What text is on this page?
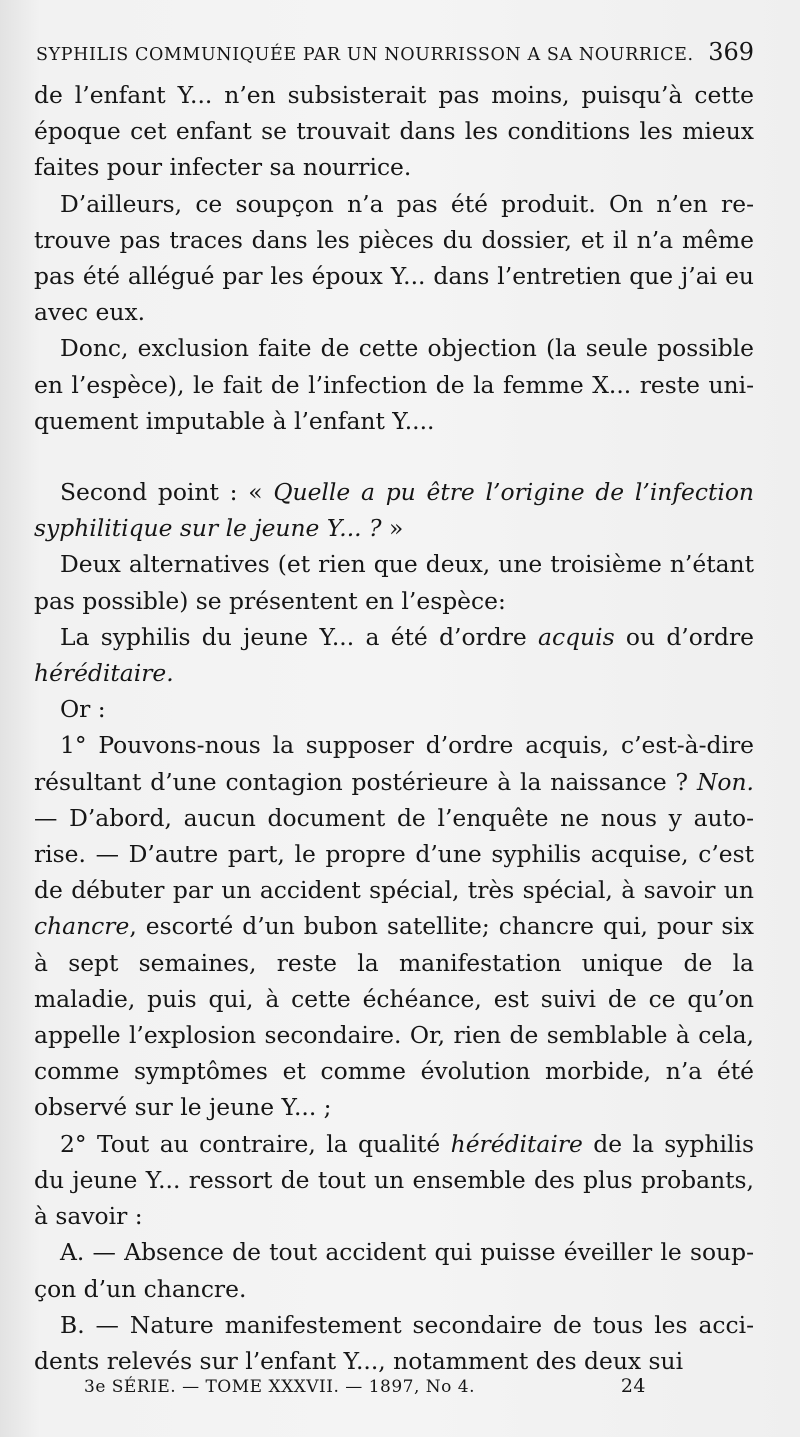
SYPHILIS COMMUNIQUÉE PAR UN NOURRISSON A SA NOURRICE. 369

de l’enfant Y... n’en subsisterait pas moins, puisqu’à cette époque cet enfant se trouvait dans les conditions les mieux faites pour infecter sa nourrice.

D’ailleurs, ce soupçon n’a pas été produit. On n’en retrouve pas traces dans les pièces du dossier, et il n’a même pas été allégué par les époux Y... dans l’entretien que j’ai eu avec eux.

Donc, exclusion faite de cette objection (la seule possible en l’espèce), le fait de l’infection de la femme X... reste uniquement imputable à l’enfant Y....

Second point : « Quelle a pu être l’origine de l’infection syphilitique sur le jeune Y... ? »

Deux alternatives (et rien que deux, une troisième n’étant pas possible) se présentent en l’espèce:

La syphilis du jeune Y... a été d’ordre acquis ou d’ordre héréditaire.

Or :

1° Pouvons-nous la supposer d’ordre acquis, c’est-à-dire résultant d’une contagion postérieure à la naissance ? Non. — D’abord, aucun document de l’enquête ne nous y autorise. — D’autre part, le propre d’une syphilis acquise, c’est de débuter par un accident spécial, très spécial, à savoir un chancre, escorté d’un bubon satellite; chancre qui, pour six à sept semaines, reste la manifestation unique de la maladie, puis qui, à cette échéance, est suivi de ce qu’on appelle l’explosion secondaire. Or, rien de semblable à cela, comme symptômes et comme évolution morbide, n’a été observé sur le jeune Y... ;

2° Tout au contraire, la qualité héréditaire de la syphilis du jeune Y... ressort de tout un ensemble des plus probants, à savoir :

A. — Absence de tout accident qui puisse éveiller le soupçon d’un chancre.

B. — Nature manifestement secondaire de tous les accidents relevés sur l’enfant Y..., notamment des deux sui

3e SÉRIE. — TOME XXXVII. — 1897, No 4.	24
